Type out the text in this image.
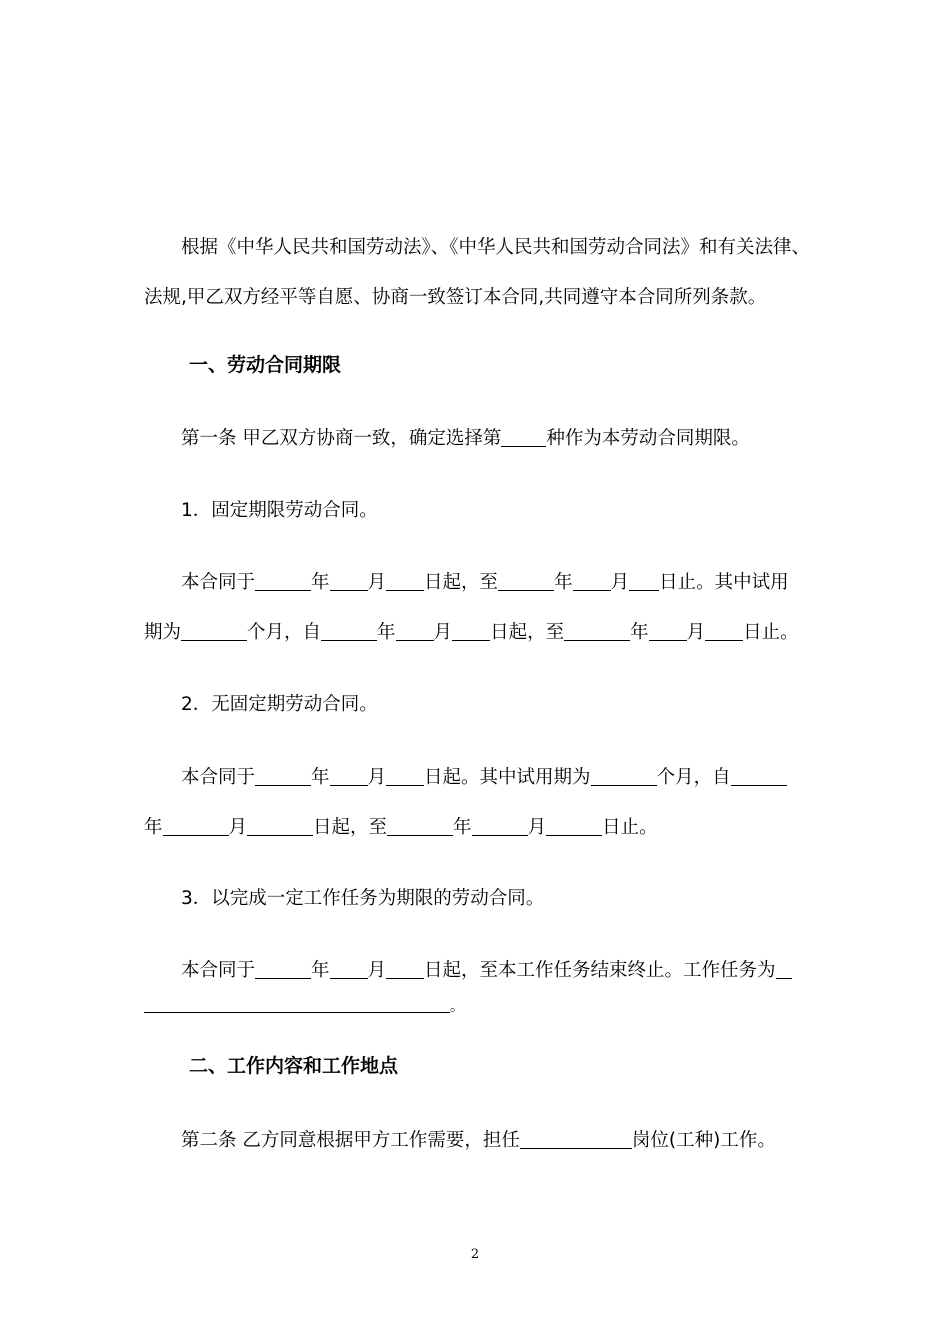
根据《中华人民共和国劳动法》、《中华人民共和国劳动合同法》和有关法律、
法规,甲乙双方经平等自愿、协商一致签订本合同,共同遵守本合同所列条款。
一、劳动合同期限
第一条 甲乙双方协商一致，确定选择第 种作为本劳动合同期限。
1．固定期限劳动合同。
本合同于	年 月 日起，至	年 月 日止。其中试用
期为	个月，自	年 月 日起，至	年 月 日止。
2．无固定期劳动合同。
本合同于	年 月 日起。其中试用期为	个月，自
年	月	日起，至	年	月	日止。
3．以完成一定工作任务为期限的劳动合同。
本合同于	年 月 日起，至本工作任务结束终止。工作任务为
。
二、工作内容和工作地点
第二条 乙方同意根据甲方工作需要，担任	岗位(工种)工作。
2
